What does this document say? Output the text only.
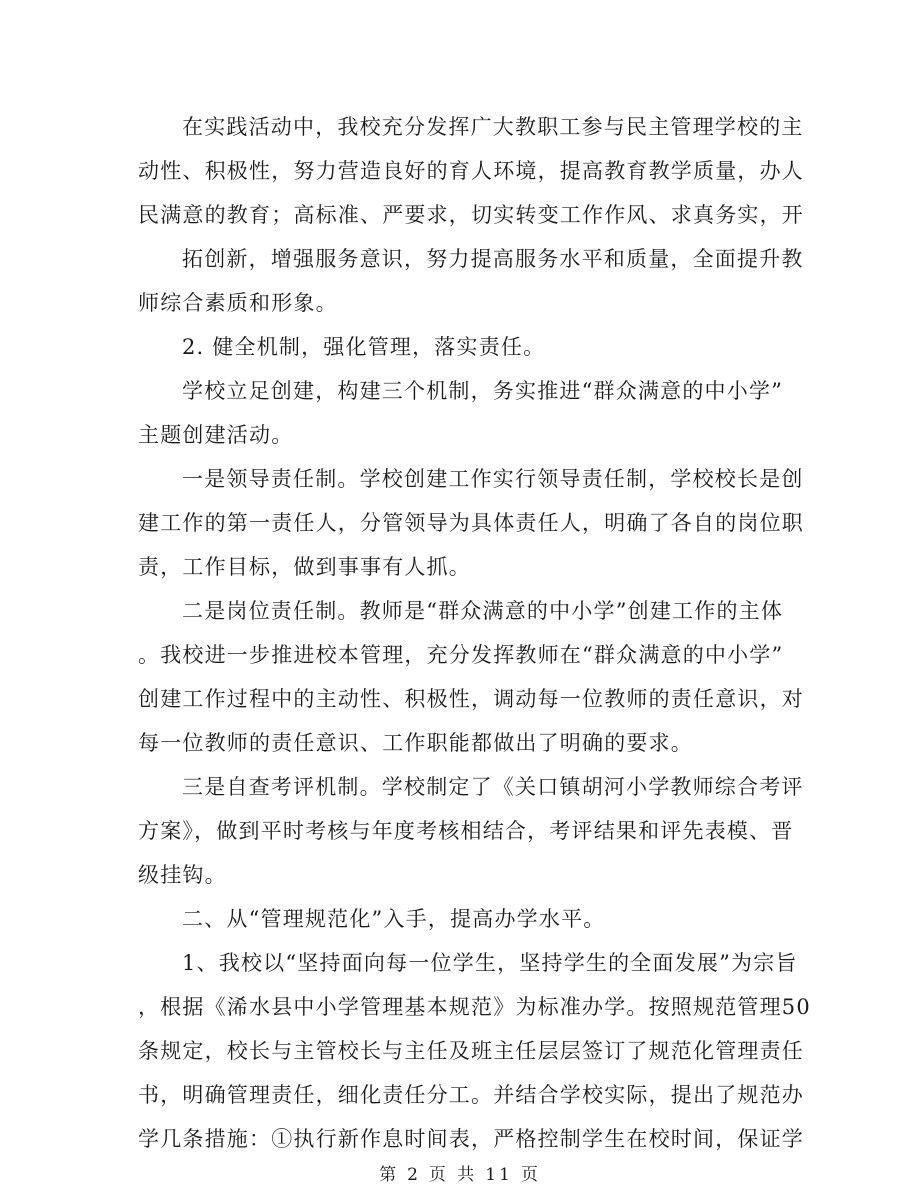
在实践活动中，我校充分发挥广大教职工参与民主管理学校的主
动性、积极性，努力营造良好的育人环境，提高教育教学质量，办人
民满意的教育；高标准、严要求，切实转变工作作风、求真务实，开
拓创新，增强服务意识，努力提高服务水平和质量，全面提升教
师综合素质和形象。
2. 健全机制，强化管理，落实责任。
学校立足创建，构建三个机制，务实推进“群众满意的中小学”
主题创建活动。
一是领导责任制。学校创建工作实行领导责任制，学校校长是创
建工作的第一责任人，分管领导为具体责任人，明确了各自的岗位职
责，工作目标，做到事事有人抓。
二是岗位责任制。教师是“群众满意的中小学”创建工作的主体
。我校进一步推进校本管理，充分发挥教师在“群众满意的中小学”
创建工作过程中的主动性、积极性，调动每一位教师的责任意识，对
每一位教师的责任意识、工作职能都做出了明确的要求。
三是自查考评机制。学校制定了《关口镇胡河小学教师综合考评
方案》，做到平时考核与年度考核相结合，考评结果和评先表模、晋
级挂钩。
二、从“管理规范化”入手，提高办学水平。
1、我校以“坚持面向每一位学生，坚持学生的全面发展”为宗旨
，根据《浠水县中小学管理基本规范》为标准办学。按照规范管理50
条规定，校长与主管校长与主任及班主任层层签订了规范化管理责任
书，明确管理责任，细化责任分工。并结合学校实际，提出了规范办
学几条措施：①执行新作息时间表，严格控制学生在校时间，保证学
第 2 页 共 11 页
